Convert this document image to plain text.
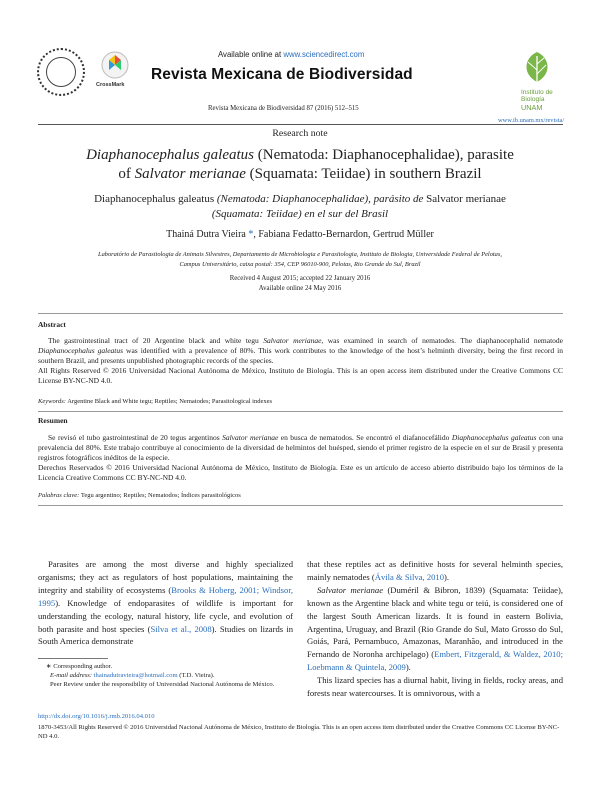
CrossMark
Available online at www.sciencedirect.com
Revista Mexicana de Biodiversidad
Revista Mexicana de Biodiversidad 87 (2016) 512–515
Instituto de Biología
UNAM
www.ib.unam.mx/revista/
Research note
Diaphanocephalus galeatus (Nematoda: Diaphanocephalidae), parasite
of Salvator merianae (Squamata: Teiidae) in southern Brazil
Diaphanocephalus galeatus (Nematoda: Diaphanocephalidae), parásito de Salvator merianae
(Squamata: Teiidae) en el sur del Brasil
Thainá Dutra Vieira *, Fabiana Fedatto-Bernardon, Gertrud Müller
Laboratório de Parasitologia de Animais Silvestres, Departamento de Microbiologia e Parasitologia, Instituto de Biologia, Universidade Federal de Pelotas,
Campus Universitário, caixa postal: 354, CEP 96010-900, Pelotas, Rio Grande do Sul, Brazil
Received 4 August 2015; accepted 22 January 2016
Available online 24 May 2016
Abstract

The gastrointestinal tract of 20 Argentine black and white tegu Salvator merianae, was examined in search of nematodes. The diaphanocephalid nematode Diaphanocephalus galeatus was identified with a prevalence of 80%. This work contributes to the knowledge of the host’s helminth diversity, being the first record in southern Brazil, and presents unpublished photographic records of the species.

All Rights Reserved © 2016 Universidad Nacional Autónoma de México, Instituto de Biología. This is an open access item distributed under the Creative Commons CC License BY-NC-ND 4.0.

Keywords: Argentine Black and White tegu; Reptiles; Nematodes; Parasitological indexes
Resumen

Se revisó el tubo gastrointestinal de 20 tegus argentinos Salvator merianae en busca de nematodos. Se encontró el diafanocefálido Diaphanocephalus galeatus con una prevalencia del 80%. Este trabajo contribuye al conocimiento de la diversidad de helmintos del huésped, siendo el primer registro de la especie en el sur de Brasil y presenta registros fotográficos inéditos de la especie.

Derechos Reservados © 2016 Universidad Nacional Autónoma de México, Instituto de Biología. Este es un artículo de acceso abierto distribuido bajo los términos de la Licencia Creative Commons CC BY-NC-ND 4.0.

Palabras clave: Tegu argentino; Reptiles; Nematodos; Índices parasitológicos

Parasites are among the most diverse and highly specialized organisms; they act as regulators of host populations, maintaining the integrity and stability of ecosystems (Brooks & Hoberg, 2001; Windsor, 1995). Knowledge of endoparasites of wildlife is important for understanding the ecology, natural history, life cycle, and evolution of both parasite and host species (Silva et al., 2008). Studies on lizards in South America demonstrate

that these reptiles act as definitive hosts for several helminth species, mainly nematodes (Ávila & Silva, 2010).

Salvator merianae (Duméril & Bibron, 1839) (Squamata: Teiidae), known as the Argentine black and white tegu or teiú, is considered one of the largest South American lizards. It is found in eastern Bolivia, Argentina, Uruguay, and Brazil (Rio Grande do Sul, Mato Grosso do Sul, Goiás, Pará, Pernambuco, Amazonas, Maranhão, and introduced in the Fernando de Noronha archipelago) (Embert, Fitzgerald, & Waldez, 2010; Loebmann & Quintela, 2009).

This lizard species has a diurnal habit, living in fields, rocky areas, and forests near watercourses. It is omnivorous, with a

∗ Corresponding author.
E-mail address: thainadutravieira@hotmail.com (T.D. Vieira).
Peer Review under the responsibility of Universidad Nacional Autónoma de México.
http://dx.doi.org/10.1016/j.rmb.2016.04.010
1870-3453/All Rights Reserved © 2016 Universidad Nacional Autónoma de México, Instituto de Biología. This is an open access item distributed under the Creative Commons CC License BY-NC-ND 4.0.
